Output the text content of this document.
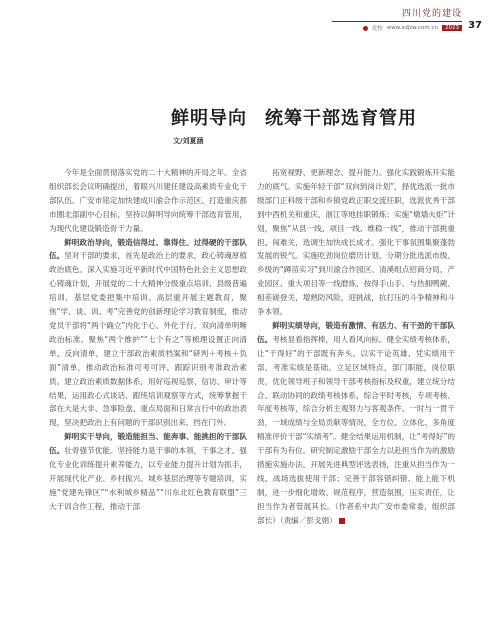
四川党的建设
党校 www.sdjzw.com.cn	2023 37
鲜明导向 统筹干部选育管用
文/刘夏涵

今年是全面贯彻落实党的二十大精神的开局之年。全省组织部长会议明确提出，着眼兴川建任建设高素质专业化干部队伍。广安市铭定加快建成川渝合作示范区、打造重庆都市圈北部副中心目标，坚持以鲜明导向统筹干部选育管用，为现代化建设锻造骨干力量。

鲜明政治导向，锻造信得过、靠得住、过得硬的干部队伍。坚对干部的要求，首先是政治上的要求，政心铸魂厚植政治底色。深入实施习近平新时代中国特色社会主义思想政心铸魂计划，开展党的二十大精神分级重点培训、县级普遍培训，基层党委把集中培训、高层重开展主题教育，聚焦“学、谈、训、考”完善党的创新理论学习教育制度，推动党员干部将“两个确立”内化于心、外化于行。双向清单明晰政治标准。聚焦“两个维护”“七个有之”等梳理设置正向清单、反向清单，建立干部政治素质档案和“研判＋考核＋负面”清单，推动政治标准可考可评，跟踪识别考准政治素质。建立政治素质数据体系，用好巡视巡察、信访、审计等结果，运用政心式谈话、跟班培训观察等方式，统筹掌握干部在大是大非、急事险盘、重点局面和日常言行中的政治表现，坚决把政治上有问题的干部识别出来、挡在门外。

鲜明实干导向，锻造能担当、能奔事、能挑担的干部队伍。壮骨强节优能。坚持能力是干事的本领，干事之才。强化专业化训练提升素养能力，以专业能力提升计划为抓手，开展现代化产业、乡村振兴、城乡基层治理等专题培训，实施“党建先锋区”“水利城乡精品”“川东北红色教育联盟”三大干训合作工程，推动干部

拓宽视野、更新理念、提升能力。强化实践锻炼开实能力的底气。实施年轻干部“双向到岗计划”，择优选派一批市级部门正科级干部和乡镇党政正职交流任职，选派优秀干部到中西机关和重庆、浙江等地挂职锻炼；实施“墩墙火炬”计划，聚焦“从县一线、项目一线、维稳一线”，推动干部挑重担、闯难关，选调生加快成长成才。强化干事氛围集聚蓬勃发展的锐气。实施吃劲岗位磨历计划，分期分批选派市级、乡级的“蹲苗实习”到川渝合作园区、清溪组点招商分局、产业园区、重大项目等一线磨炼，按得手山手、与热拥鸭蕨、相差磋登关，增熟防风险，迎挑战，抗打压的斗争精神和斗争本领。

鲜明实绩导向，锻造有激情、有活力、有干劲的干部队伍。考核显看指挥棒，用人看风向标。健全实绩考核体系，让“干得好”的干部既有奔头。以实干论英雄、凭实绩用干部，考准实绩是基础。立足区域特点，部门职能，岗位职责，优化领导班子和领导干部考核指标及权重，建立统分结合、联动协同的政绩考核体系，综合平时考核，专项考核、年度考核等，综合分析主观努力与客观条件、一时与一贯干劲，一域成绩与全局贡献等情况，全方位、立体化、多角度精准评价干部“实绩考”。健全结果运用机制，让“考得好”的干部有为有位。研究制定激励干部全力以赴担当作为的激励措施实施办法，开展先进典型评选表扬，注重从担当作为一线、战场选拔使用干部；完善干部容错纠错、能上能下机制，进一步细化增效、规范程序，营造氛围，压实责任，让担当作为者管展其长。（作者系中共广安市委常委，组织部部长）（责编／彭戈娟）
